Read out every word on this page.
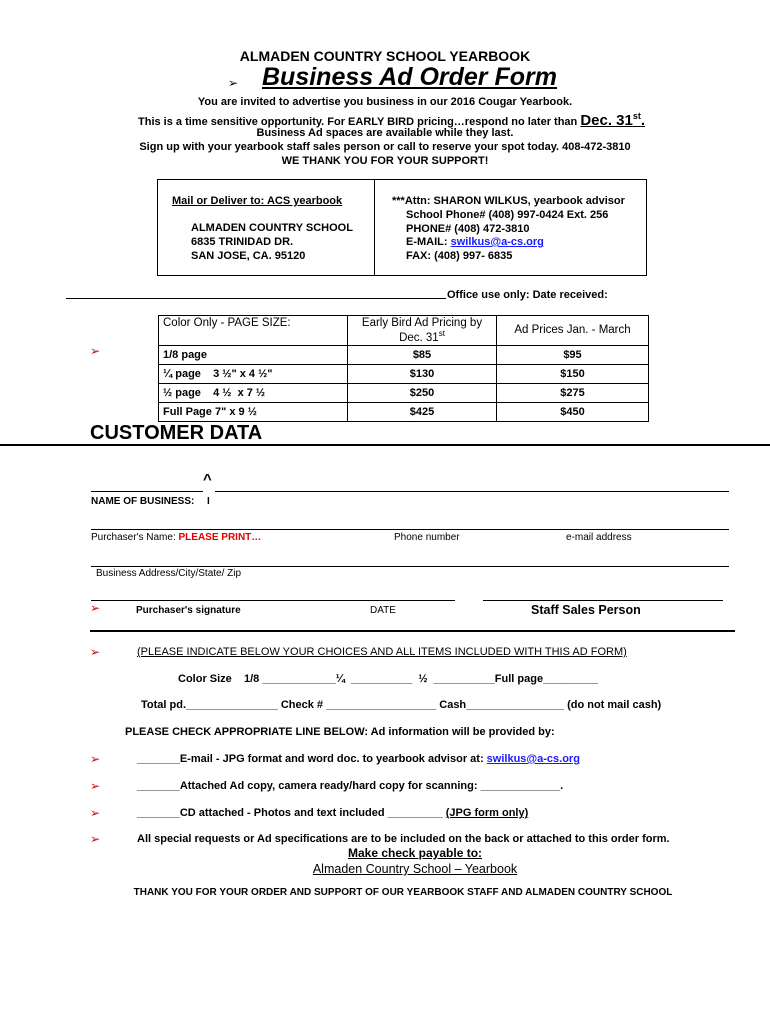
ALMADEN COUNTRY SCHOOL YEARBOOK
➢ Business Ad Order Form
You are invited to advertise you business in our 2016 Cougar Yearbook.
This is a time sensitive opportunity. For EARLY BIRD pricing…respond no later than Dec. 31st.
Business Ad spaces are available while they last.
Sign up with your yearbook staff sales person or call to reserve your spot today. 408-472-3810
WE THANK YOU FOR YOUR SUPPORT!
Mail or Deliver to: ACS yearbook
ALMADEN COUNTRY SCHOOL
6835 TRINIDAD DR.
SAN JOSE, CA. 95120
***Attn: SHARON WILKUS, yearbook advisor
School Phone# (408) 997-0424 Ext. 256
PHONE# (408) 472-3810
E-MAIL: swilkus@a-cs.org
FAX: (408) 997- 6835
Office use only: Date received:
➢
Color Only - PAGE SIZE:	Early Bird Ad Pricing by Dec. 31st	Ad Prices Jan. - March
1/8 page	$85	$95
¼ page    3 ½" x 4 ½"	$130	$150
½ page    4 ½  x 7 ½	$250	$275
Full Page 7" x 9 ½	$425	$450
CUSTOMER DATA
^
NAME OF BUSINESS: I
Purchaser's Name: PLEASE PRINT…	Phone number	e-mail address
Business Address/City/State/ Zip
➢	Purchaser's signature	DATE	Staff Sales Person
➢	(PLEASE INDICATE BELOW YOUR CHOICES AND ALL ITEMS INCLUDED WITH THIS AD FORM)
Color Size    1/8 ____________¼  __________  ½  __________Full page_________
Total pd._______________ Check # __________________ Cash________________ (do not mail cash)
PLEASE CHECK APPROPRIATE LINE BELOW: Ad information will be provided by:
➢	_______E-mail - JPG format and word doc. to yearbook advisor at: swilkus@a-cs.org
➢	_______Attached Ad copy, camera ready/hard copy for scanning: _____________.
➢	_______CD attached - Photos and text included _________ (JPG form only)
➢	All special requests or Ad specifications are to be included on the back or attached to this order form.
Make check payable to:
Almaden Country School – Yearbook
THANK YOU FOR YOUR ORDER AND SUPPORT OF OUR YEARBOOK STAFF AND ALMADEN COUNTRY SCHOOL
